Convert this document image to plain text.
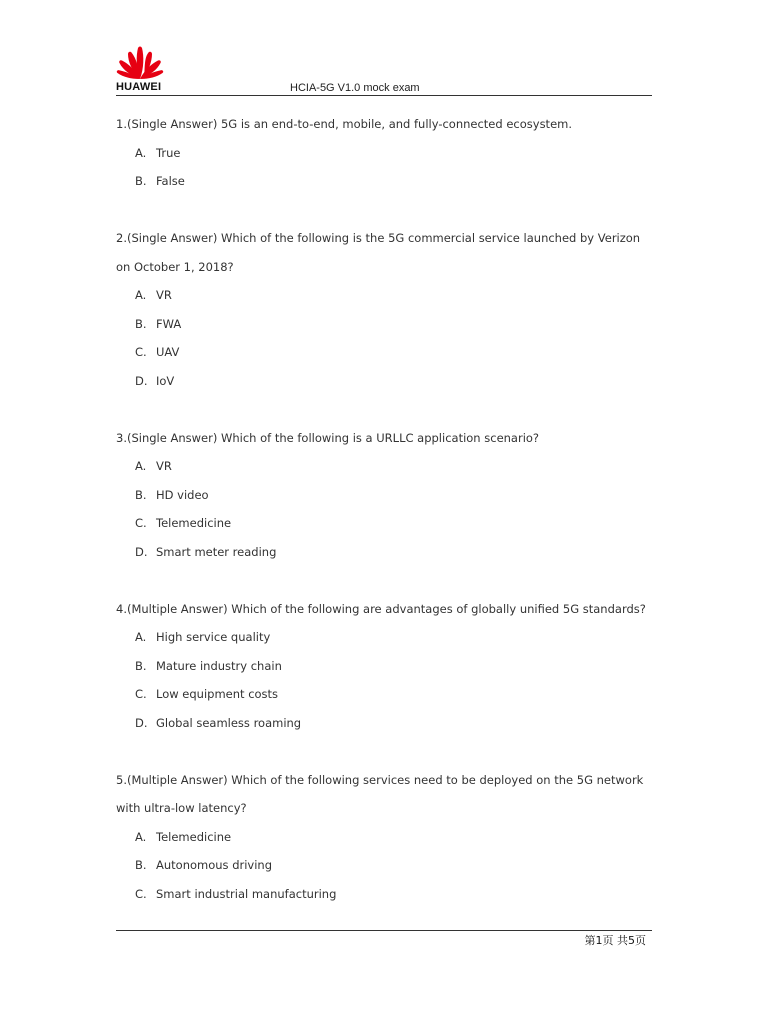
HUAWEI	HCIA-5G V1.0 mock exam

1.(Single Answer) 5G is an end-to-end, mobile, and fully-connected ecosystem.

A. True

B. False

2.(Single Answer) Which of the following is the 5G commercial service launched by Verizon on October 1, 2018?

A. VR

B. FWA

C. UAV

D. IoV

3.(Single Answer) Which of the following is a URLLC application scenario?

A. VR

B. HD video

C. Telemedicine

D. Smart meter reading

4.(Multiple Answer) Which of the following are advantages of globally unified 5G standards?

A. High service quality

B. Mature industry chain

C. Low equipment costs

D. Global seamless roaming

5.(Multiple Answer) Which of the following services need to be deployed on the 5G network with ultra-low latency?

A. Telemedicine

B. Autonomous driving

C. Smart industrial manufacturing

第1页 共5页
